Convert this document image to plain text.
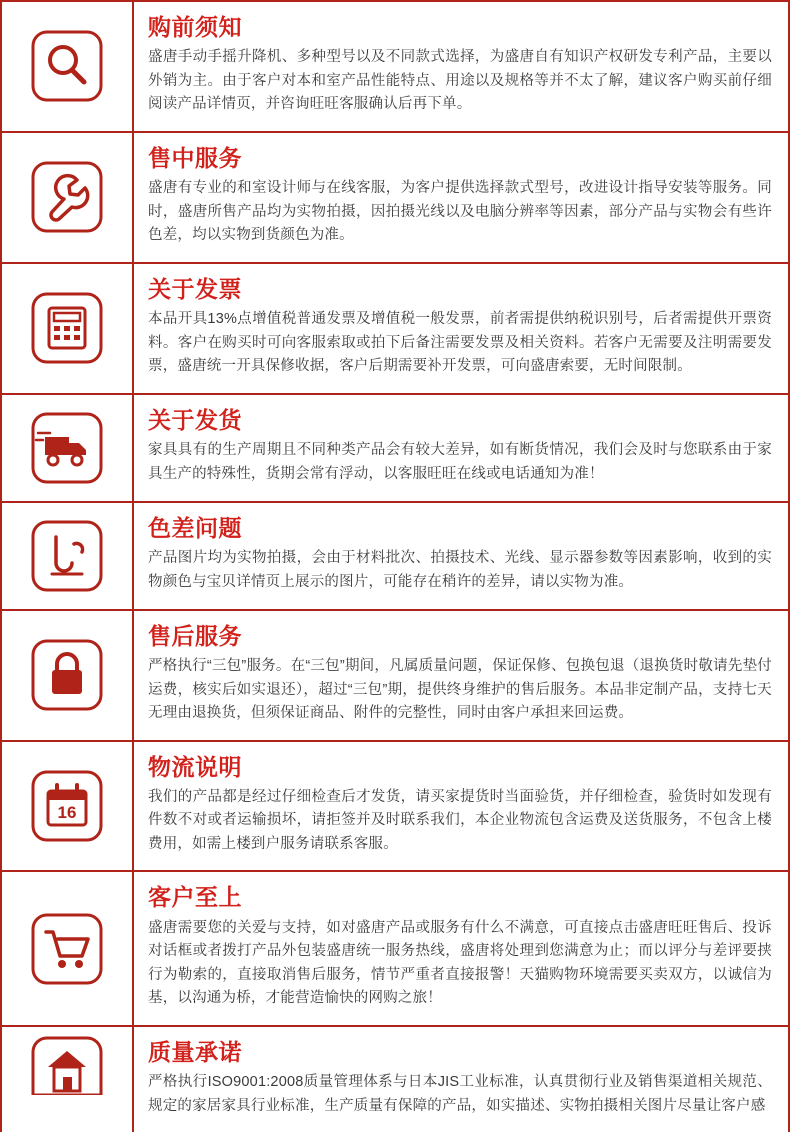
购前须知
盛唐手动手摇升降机、多种型号以及不同款式选择，为盛唐自有知识产权研发专利产品，主要以外销为主。由于客户对本和室产品性能特点、用途以及规格等并不太了解，建议客户购买前仔细阅读产品详情页，并咨询旺旺客服确认后再下单。
售中服务
盛唐有专业的和室设计师与在线客服，为客户提供选择款式型号，改进设计指导安装等服务。同时，盛唐所售产品均为实物拍摄，因拍摄光线以及电脑分辨率等因素，部分产品与实物会有些许色差，均以实物到货颜色为准。
关于发票
本品开具13%点增值税普通发票及增值税一般发票，前者需提供纳税识别号，后者需提供开票资料。客户在购买时可向客服索取或拍下后备注需要发票及相关资料。若客户无需要及注明需要发票，盛唐统一开具保修收据，客户后期需要补开发票，可向盛唐索要，无时间限制。
关于发货
家具具有的生产周期且不同种类产品会有较大差异，如有断货情况，我们会及时与您联系由于家具生产的特殊性，货期会常有浮动，以客服旺旺在线或电话通知为准！
色差问题
产品图片均为实物拍摄，会由于材料批次、拍摄技术、光线、显示器参数等因素影响，收到的实物颜色与宝贝详情页上展示的图片，可能存在稍许的差异，请以实物为准。
售后服务
严格执行“三包”服务。在“三包”期间，凡属质量问题，保证保修、包换包退（退换货时敬请先垫付运费，核实后如实退还），超过“三包”期，提供终身维护的售后服务。本品非定制产品，支持七天无理由退换货，但须保证商品、附件的完整性，同时由客户承担来回运费。
16
物流说明
我们的产品都是经过仔细检查后才发货，请买家提货时当面验货，并仔细检查，验货时如发现有件数不对或者运输损坏，请拒签并及时联系我们，本企业物流包含运费及送货服务，不包含上楼费用，如需上楼到户服务请联系客服。
客户至上
盛唐需要您的关爱与支持，如对盛唐产品或服务有什么不满意，可直接点击盛唐旺旺售后、投诉对话框或者拨打产品外包装盛唐统一服务热线，盛唐将处理到您满意为止；而以评分与差评要挟行为勒索的，直接取消售后服务，情节严重者直接报警！天猫购物环境需要买卖双方，以诚信为基，以沟通为桥，才能营造愉快的网购之旅！
质量承诺
严格执行ISO9001:2008质量管理体系与日本JIS工业标准，认真贯彻行业及销售渠道相关规范、规定的家居家具行业标准，生产质量有保障的产品，如实描述、实物拍摄相关图片尽量让客户感
